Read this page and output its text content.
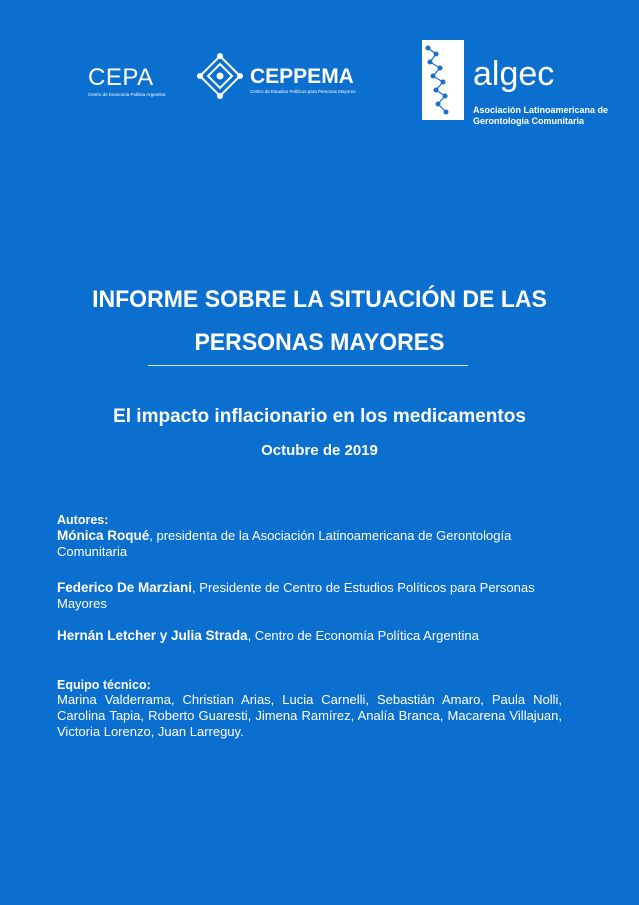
CEPA
Centro de Economía Política Argentina
CEPPEMA
Centro de Estudios Políticos para Personas Mayores	algec
Asociación Latinoamericana de
Gerontología Comunitaria
INFORME SOBRE LA SITUACIÓN DE LAS
PERSONAS MAYORES
El impacto inflacionario en los medicamentos
Octubre de 2019
Autores:
Mónica Roqué, presidenta de la Asociación Latinoamericana de Gerontología Comunitaria
Federico De Marziani, Presidente de Centro de Estudios Políticos para Personas Mayores
Hernán Letcher y Julia Strada, Centro de Economía Política Argentina
Equipo técnico:
Marina Valderrama, Christian Arias, Lucia Carnelli, Sebastián Amaro, Paula Nolli, Carolina Tapia, Roberto Guaresti, Jimena Ramírez, Analía Branca, Macarena Villajuan, Victoria Lorenzo, Juan Larreguy.
